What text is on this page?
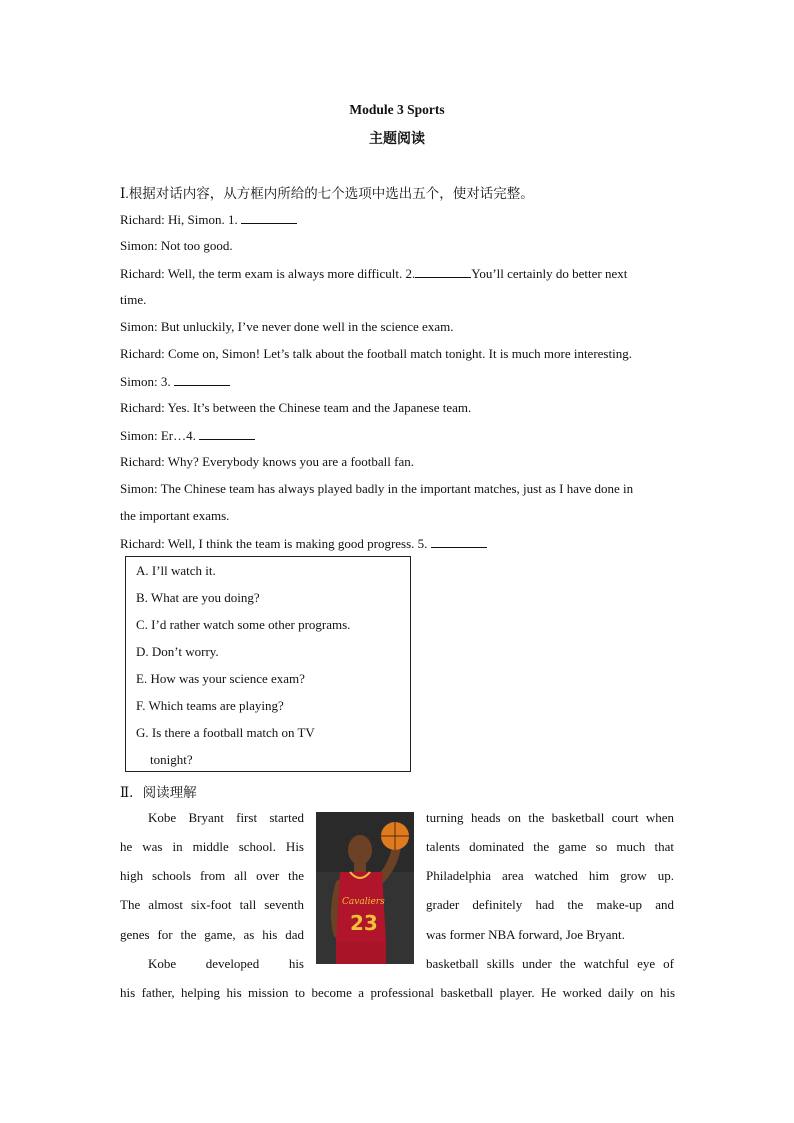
Module 3 Sports
主题阅读
Ⅰ.根据对话内容，从方框内所给的七个选项中选出五个，使对话完整。
Richard: Hi, Simon. 1.
Simon: Not too good.
Richard: Well, the term exam is always more difficult. 2.	You’ll certainly do better next
time.
Simon: But unluckily, I’ve never done well in the science exam.
Richard: Come on, Simon! Let’s talk about the football match tonight. It is much more interesting.
Simon: 3.
Richard: Yes. It’s between the Chinese team and the Japanese team.
Simon: Er…4.
Richard: Why? Everybody knows you are a football fan.
Simon: The Chinese team has always played badly in the important matches, just as I have done in
the important exams.
Richard: Well, I think the team is making good progress. 5.
A. I’ll watch it.
B. What are you doing?
C. I’d rather watch some other programs.
D. Don’t worry.
E. How was your science exam?
F. Which teams are playing?
G. Is there a football match on TV
tonight?
Ⅱ．阅读理解
Kobe Bryant first started
he was in middle school. His
high schools from all over the
The almost six-foot tall seventh
genes for the game, as his dad
Kobe developed his
turning heads on the basketball court when
talents dominated the game so much that
Philadelphia area watched him grow up.
grader definitely had the make-up and
was former NBA forward, Joe Bryant.
basketball skills under the watchful eye of
his father, helping his mission to become a professional basketball player. He worked daily on his
Cavaliers
23
